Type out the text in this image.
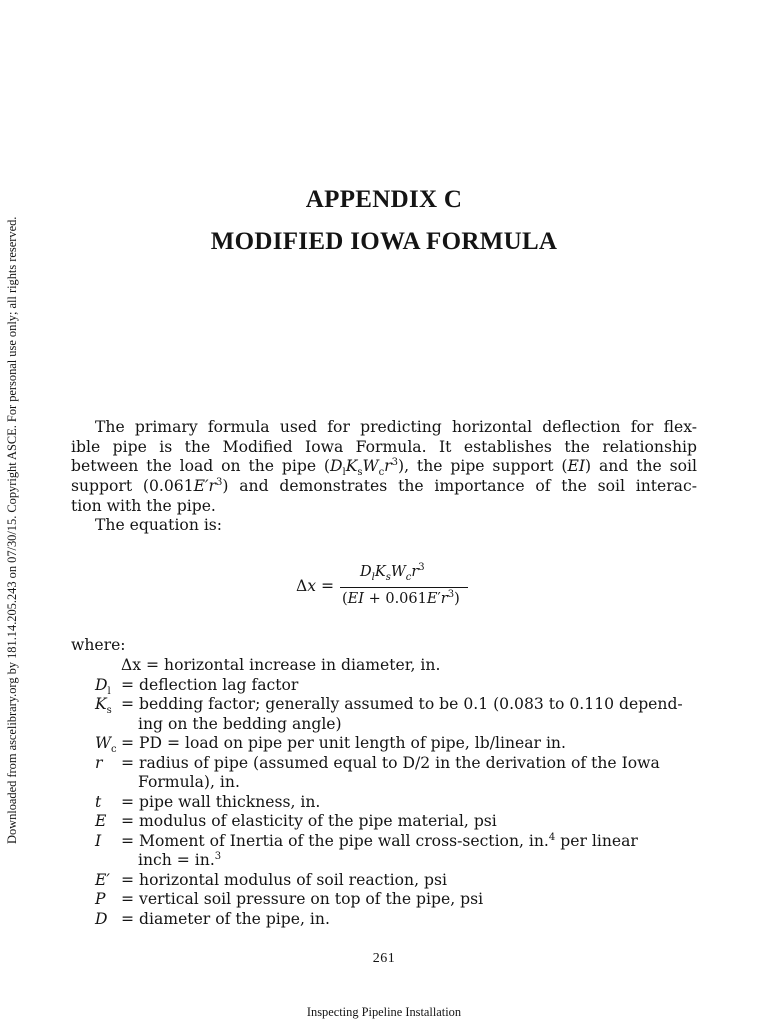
Downloaded from ascelibrary.org by 181.14.205.243 on 07/30/15. Copyright ASCE. For personal use only; all rights reserved.
APPENDIX C
MODIFIED IOWA FORMULA
The primary formula used for predicting horizontal deflection for flex-
ible pipe is the Modified Iowa Formula. It establishes the relationship
between the load on the pipe $(D_lK_sW_cr^3)$, the pipe support (EI) and the soil
support $(0.061E'r^3)$ and demonstrates the importance of the soil interac-
tion with the pipe.
The equation is:
Δx =
$D_lK_sW_cr^3$
$(EI + 0.061E'r^3)$
where:
Δx = horizontal increase in diameter, in.
$D_l$ = deflection lag factor
$K_s$ = bedding factor; generally assumed to be 0.1 (0.083 to 0.110 depend-
ing on the bedding angle)
$W_c$ = PD = load on pipe per unit length of pipe, lb/linear in.
r = radius of pipe (assumed equal to D/2 in the derivation of the Iowa
Formula), in.
t = pipe wall thickness, in.
E = modulus of elasticity of the pipe material, psi
I = Moment of Inertia of the pipe wall cross-section, in.$^4$ per linear
inch = in.$^3$
E′ = horizontal modulus of soil reaction, psi
P = vertical soil pressure on top of the pipe, psi
D = diameter of the pipe, in.
261
Inspecting Pipeline Installation
